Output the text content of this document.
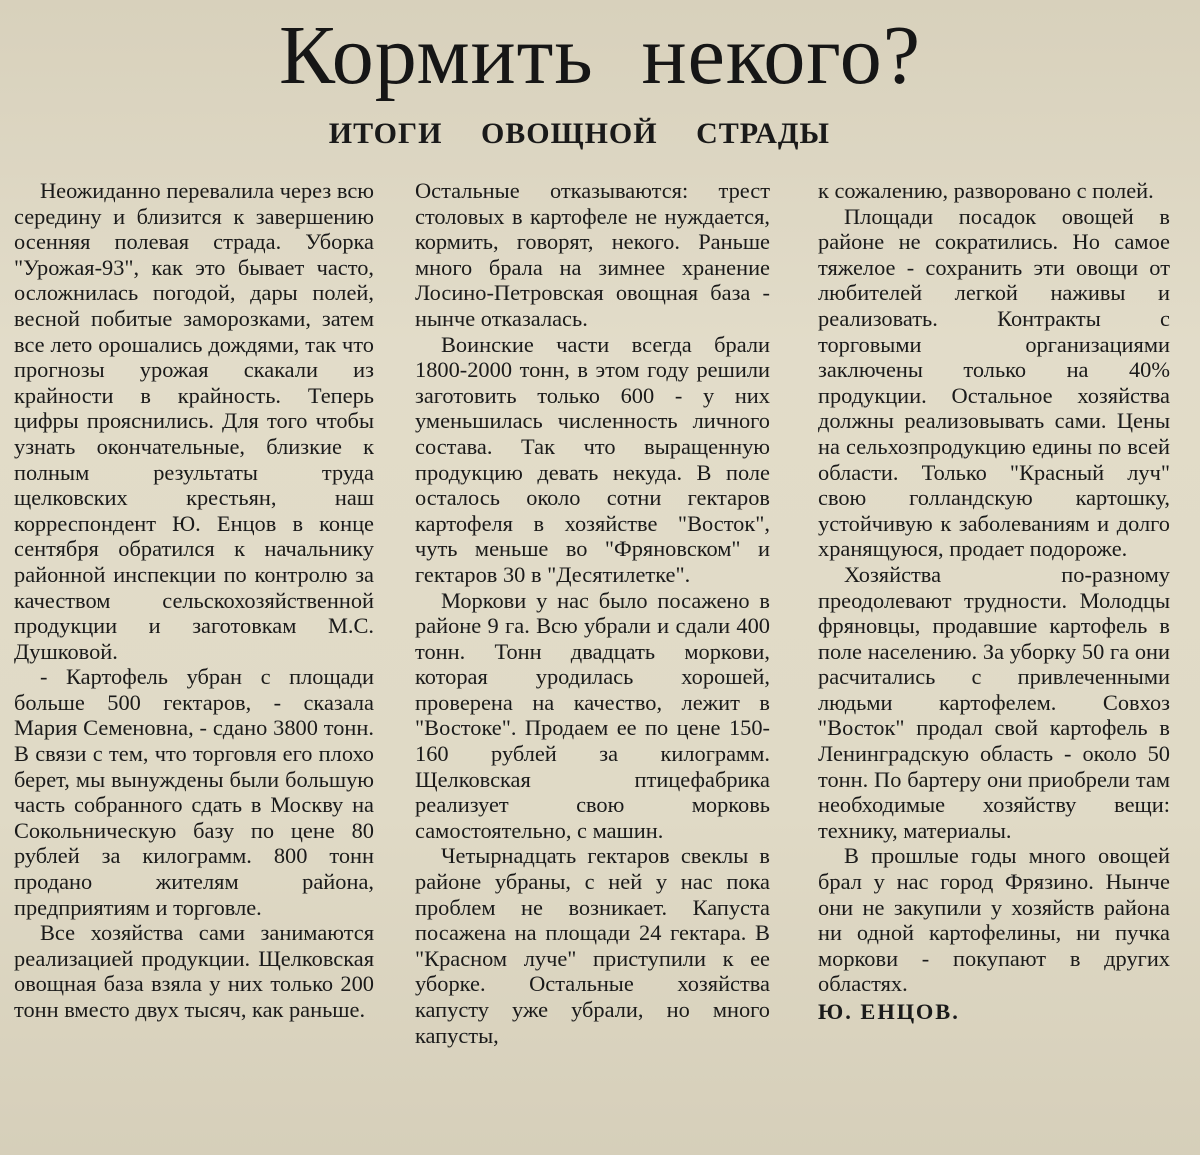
Кормить некого?
ИТОГИ ОВОЩНОЙ СТРАДЫ

Неожиданно перевалила через всю середину и близится к завершению осенняя полевая страда. Уборка "Урожая-93", как это бывает часто, осложнилась погодой, дары полей, весной побитые заморозками, затем все лето орошались дождями, так что прогнозы урожая скакали из крайности в крайность. Теперь цифры прояснились. Для того чтобы узнать окончательные, близкие к полным результаты труда щелковских крестьян, наш корреспондент Ю. Енцов в конце сентября обратился к начальнику районной инспекции по контролю за качеством сельскохозяйственной продукции и заготовкам М.С. Душковой.

- Картофель убран с площади больше 500 гектаров, - сказала Мария Семеновна, - сдано 3800 тонн. В связи с тем, что торговля его плохо берет, мы вынуждены были большую часть собранного сдать в Москву на Сокольническую базу по цене 80 рублей за килограмм. 800 тонн продано жителям района, предприятиям и торговле.

Все хозяйства сами занимаются реализацией продукции. Щелковская овощная база взяла у них только 200 тонн вместо двух тысяч, как раньше.

Остальные отказываются: трест столовых в картофеле не нуждается, кормить, говорят, некого. Раньше много брала на зимнее хранение Лосино-Петровская овощная база - нынче отказалась.

Воинские части всегда брали 1800-2000 тонн, в этом году решили заготовить только 600 - у них уменьшилась численность личного состава. Так что выращенную продукцию девать некуда. В поле осталось около сотни гектаров картофеля в хозяйстве "Восток", чуть меньше во "Фряновском" и гектаров 30 в "Десятилетке".

Моркови у нас было посажено в районе 9 га. Всю убрали и сдали 400 тонн. Тонн двадцать моркови, которая уродилась хорошей, проверена на качество, лежит в "Востоке". Продаем ее по цене 150-160 рублей за килограмм. Щелковская птицефабрика реализует свою морковь самостоятельно, с машин.

Четырнадцать гектаров свеклы в районе убраны, с ней у нас пока проблем не возникает. Капуста посажена на площади 24 гектара. В "Красном луче" приступили к ее уборке. Остальные хозяйства капусту уже убрали, но много капусты,

к сожалению, разворовано с полей.

Площади посадок овощей в районе не сократились. Но самое тяжелое - сохранить эти овощи от любителей легкой наживы и реализовать. Контракты с торговыми организациями заключены только на 40% продукции. Остальное хозяйства должны реализовывать сами. Цены на сельхозпродукцию едины по всей области. Только "Красный луч" свою голландскую картошку, устойчивую к заболеваниям и долго хранящуюся, продает подороже.

Хозяйства по-разному преодолевают трудности. Молодцы фряновцы, продавшие картофель в поле населению. За уборку 50 га они расчитались с привлеченными людьми картофелем. Совхоз "Восток" продал свой картофель в Ленинградскую область - около 50 тонн. По бартеру они приобрели там необходимые хозяйству вещи: технику, материалы.

В прошлые годы много овощей брал у нас город Фрязино. Нынче они не закупили у хозяйств района ни одной картофелины, ни пучка моркови - покупают в других областях.

Ю. ЕНЦОВ.
